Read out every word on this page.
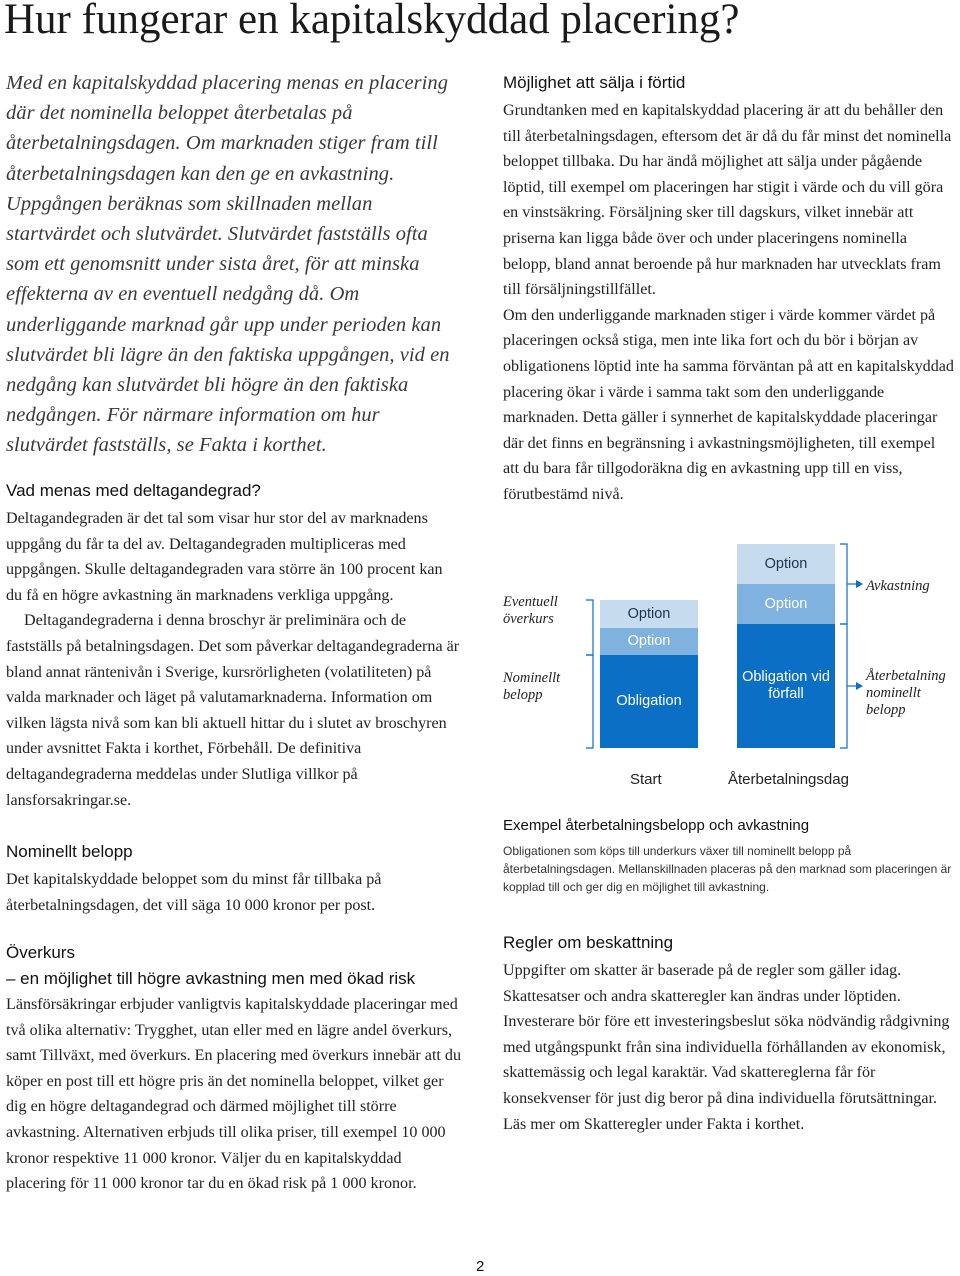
Hur fungerar en kapitalskyddad placering?

Med en kapitalskyddad placering menas en placering där det nominella beloppet återbetalas på återbetalningsdagen. Om marknaden stiger fram till återbetalningsdagen kan den ge en avkastning. Uppgången beräknas som skillnaden mellan startvärdet och slutvärdet. Slutvärdet fastställs ofta som ett genomsnitt under sista året, för att minska effekterna av en eventuell nedgång då. Om underliggande marknad går upp under perioden kan slutvärdet bli lägre än den faktiska uppgången, vid en nedgång kan slutvärdet bli högre än den faktiska nedgången. För närmare information om hur slutvärdet fastställs, se Fakta i korthet.

Vad menas med deltagandegrad?

Deltagandegraden är det tal som visar hur stor del av marknadens uppgång du får ta del av. Deltagandegraden multipliceras med uppgången. Skulle deltagandegraden vara större än 100 procent kan du få en högre avkastning än marknadens verkliga uppgång.

Deltagandegraderna i denna broschyr är preliminära och de fastställs på betalningsdagen. Det som påverkar deltagandegraderna är bland annat räntenivån i Sverige, kursrörligheten (volatiliteten) på valda marknader och läget på valutamarknaderna. Information om vilken lägsta nivå som kan bli aktuell hittar du i slutet av broschyren under avsnittet Fakta i korthet, Förbehåll. De definitiva deltagandegraderna meddelas under Slutliga villkor på lansforsakringar.se.

Nominellt belopp

Det kapitalskyddade beloppet som du minst får tillbaka på återbetalningsdagen, det vill säga 10 000 kronor per post.

Överkurs
– en möjlighet till högre avkastning men med ökad risk

Länsförsäkringar erbjuder vanligtvis kapitalskyddade placeringar med två olika alternativ: Trygghet, utan eller med en lägre andel överkurs, samt Tillväxt, med överkurs. En placering med överkurs innebär att du köper en post till ett högre pris än det nominella beloppet, vilket ger dig en högre deltagandegrad och därmed möjlighet till större avkastning. Alternativen erbjuds till olika priser, till exempel 10 000 kronor respektive 11 000 kronor. Väljer du en kapitalskyddad placering för 11 000 kronor tar du en ökad risk på 1 000 kronor.

Möjlighet att sälja i förtid

Grundtanken med en kapitalskyddad placering är att du behåller den till återbetalningsdagen, eftersom det är då du får minst det nominella beloppet tillbaka. Du har ändå möjlighet att sälja under pågående löptid, till exempel om placeringen har stigit i värde och du vill göra en vinstsäkring. Försäljning sker till dagskurs, vilket innebär att priserna kan ligga både över och under placeringens nominella belopp, bland annat beroende på hur marknaden har utvecklats fram till försäljningstillfället.

Om den underliggande marknaden stiger i värde kommer värdet på placeringen också stiga, men inte lika fort och du bör i början av obligationens löptid inte ha samma förväntan på att en kapitalskyddad placering ökar i värde i samma takt som den underliggande marknaden. Detta gäller i synnerhet de kapitalskyddade placeringar där det finns en begränsning i avkastningsmöjligheten, till exempel att du bara får tillgodoräkna dig en avkastning upp till en viss, förutbestämd nivå.

Exempel återbetalningsbelopp och avkastning

Obligationen som köps till underkurs växer till nominellt belopp på återbetalningsdagen. Mellanskillnaden placeras på den marknad som placeringen är kopplad till och ger dig en möjlighet till avkastning.

Regler om beskattning

Uppgifter om skatter är baserade på de regler som gäller idag. Skattesatser och andra skatteregler kan ändras under löptiden. Investerare bör före ett investeringsbeslut söka nödvändig rådgivning med utgångspunkt från sina individuella förhållanden av ekonomisk, skattemässig och legal karaktär. Vad skattereglerna får för konsekvenser för just dig beror på dina individuella förutsättningar. Läs mer om Skatteregler under Fakta i korthet.

Eventuell överkurs
Nominellt belopp
Option
Option
Obligation
Option
Option
Obligation vid förfall
Avkastning
Återbetalning nominellt belopp
Start	Återbetalningsdag
2
